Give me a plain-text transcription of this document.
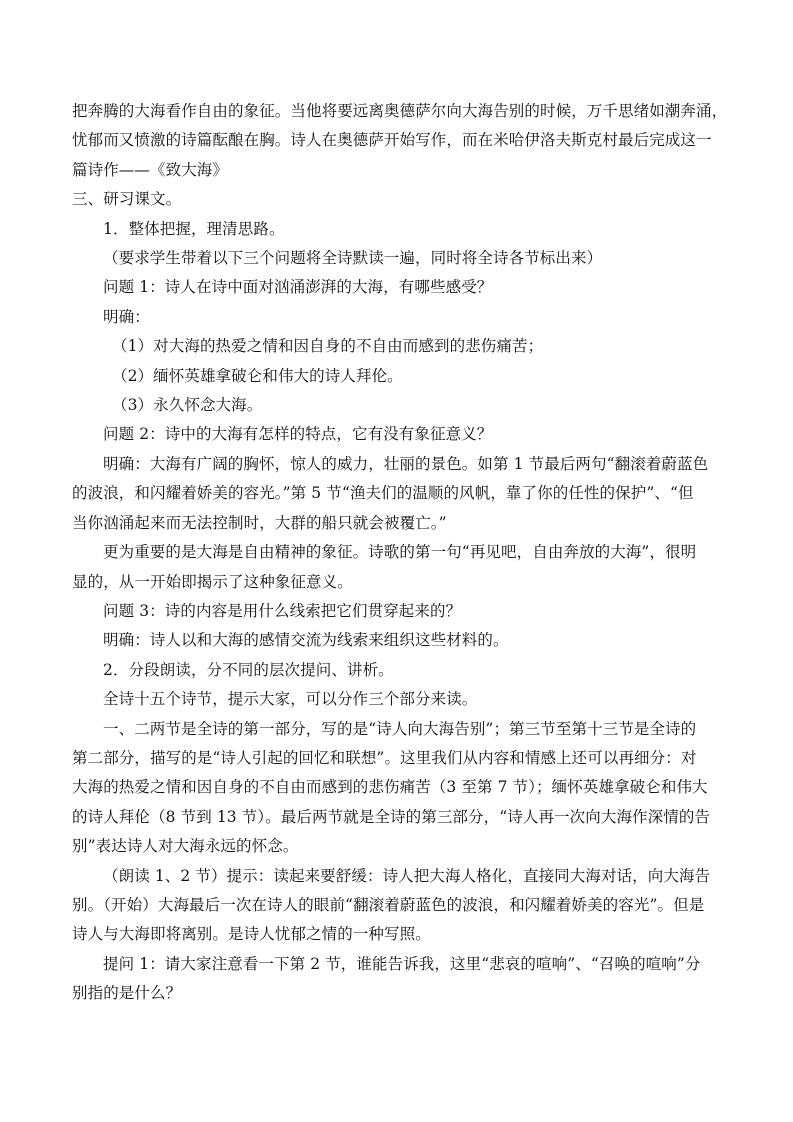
把奔腾的大海看作自由的象征。当他将要远离奥德萨尔向大海告别的时候，万千思绪如潮奔涌，
忧郁而又愤激的诗篇酝酿在胸。诗人在奥德萨开始写作，而在米哈伊洛夫斯克村最后完成这一
篇诗作——《致大海》
三、研习课文。
1．整体把握，理清思路。
（要求学生带着以下三个问题将全诗默读一遍，同时将全诗各节标出来）
问题 1：诗人在诗中面对汹涌澎湃的大海，有哪些感受？
明确：
（1）对大海的热爱之情和因自身的不自由而感到的悲伤痛苦；
（2）缅怀英雄拿破仑和伟大的诗人拜伦。
（3）永久怀念大海。
问题 2：诗中的大海有怎样的特点，它有没有象征意义？
明确：大海有广阔的胸怀，惊人的威力，壮丽的景色。如第 1 节最后两句“翻滚着蔚蓝色
的波浪，和闪耀着娇美的容光。”第 5 节“渔夫们的温顺的风帆，靠了你的任性的保护”、“但
当你汹涌起来而无法控制时，大群的船只就会被覆亡。”
更为重要的是大海是自由精神的象征。诗歌的第一句“再见吧，自由奔放的大海”，很明
显的，从一开始即揭示了这种象征意义。
问题 3：诗的内容是用什么线索把它们贯穿起来的？
明确：诗人以和大海的感情交流为线索来组织这些材料的。
2．分段朗读，分不同的层次提问、讲析。
全诗十五个诗节，提示大家，可以分作三个部分来读。
一、二两节是全诗的第一部分，写的是“诗人向大海告别”；第三节至第十三节是全诗的
第二部分，描写的是“诗人引起的回忆和联想”。这里我们从内容和情感上还可以再细分：对
大海的热爱之情和因自身的不自由而感到的悲伤痛苦（3 至第 7 节）；缅怀英雄拿破仑和伟大
的诗人拜伦（8 节到 13 节）。最后两节就是全诗的第三部分，“诗人再一次向大海作深情的告
别”表达诗人对大海永远的怀念。
（朗读 1、2 节）提示：读起来要舒缓：诗人把大海人格化，直接同大海对话，向大海告
别。（开始）大海最后一次在诗人的眼前“翻滚着蔚蓝色的波浪，和闪耀着娇美的容光”。但是
诗人与大海即将离别。是诗人忧郁之情的一种写照。
提问 1：请大家注意看一下第 2 节，谁能告诉我，这里“悲哀的喧响”、“召唤的喧响”分
别指的是什么？
